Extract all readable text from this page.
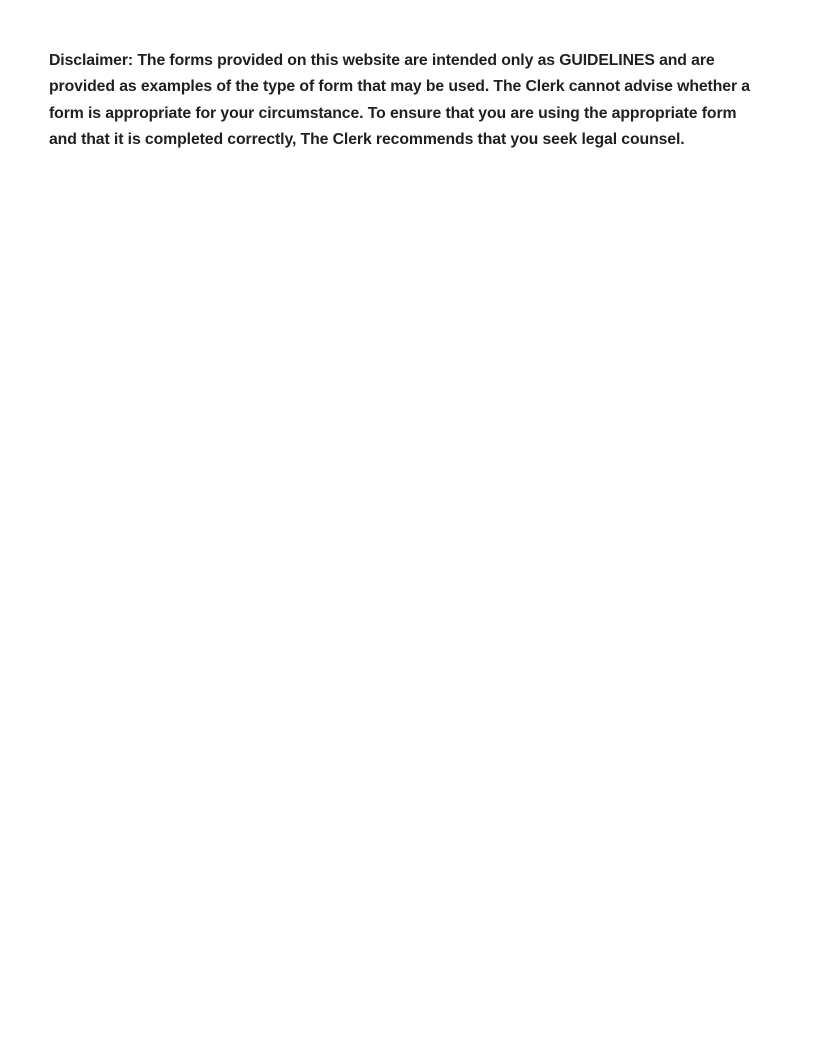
Disclaimer: The forms provided on this website are intended only as GUIDELINES and are provided as examples of the type of form that may be used. The Clerk cannot advise whether a form is appropriate for your circumstance. To ensure that you are using the appropriate form and that it is completed correctly, The Clerk recommends that you seek legal counsel.
